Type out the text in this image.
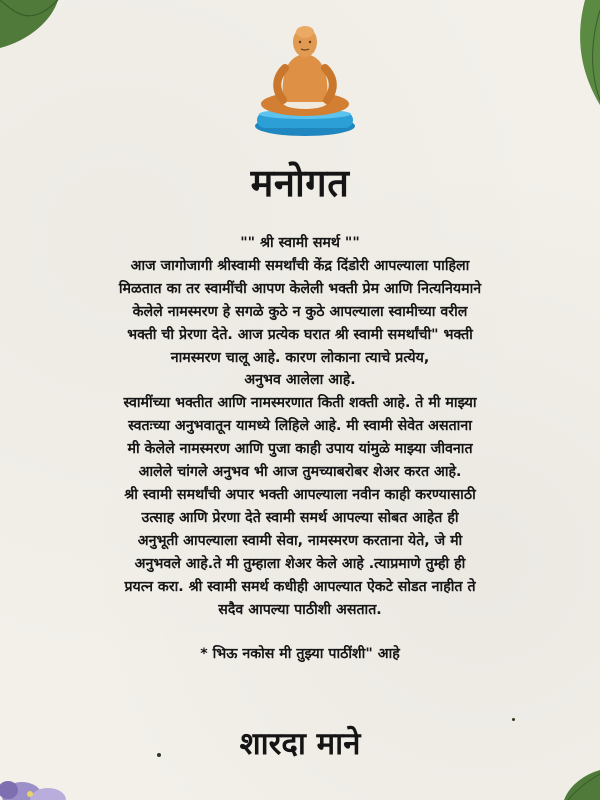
मनोगत
"" श्री स्वामी समर्थ ""
आज जागोजागी श्रीस्वामी समर्थांची केंद्र दिंडोरी आपल्याला पाहिला
मिळतात का तर स्वामींची आपण केलेली भक्ती प्रेम आणि नित्यनियमाने
केलेले नामस्मरण हे सगळे कुठे न कुठे आपल्याला स्वामीच्या वरील
भक्ती ची प्रेरणा देते. आज प्रत्येक घरात श्री स्वामी समर्थांची" भक्ती
नामस्मरण चालू आहे. कारण लोकाना त्याचे प्रत्येय,
अनुभव आलेला आहे.
स्वामींच्या भक्तीत आणि नामस्मरणात किती शक्ती आहे. ते मी माझ्या
स्वतःच्या अनुभवातून यामध्ये लिहिले आहे. मी स्वामी सेवेत असताना
मी केलेले नामस्मरण आणि पुजा काही उपाय यांमुळे माझ्या जीवनात
आलेले चांगले अनुभव भी आज तुमच्याबरोबर शेअर करत आहे.
श्री स्वामी समर्थांची अपार भक्ती आपल्याला नवीन काही करण्यासाठी
उत्साह आणि प्रेरणा देते स्वामी समर्थ आपल्या सोबत आहेत ही
अनुभूती आपल्याला स्वामी सेवा, नामस्मरण करताना येते, जे मी
अनुभवले आहे.ते मी तुम्हाला शेअर केले आहे .त्याप्रमाणे तुम्ही ही
प्रयत्न करा. श्री स्वामी समर्थ कधीही आपल्यात ऐकटे सोडत नाहीत ते
सदैव आपल्या पाठीशी असतात.
* भिऊ नकोस मी तुझ्या पाठींशी" आहे
शारदा माने
